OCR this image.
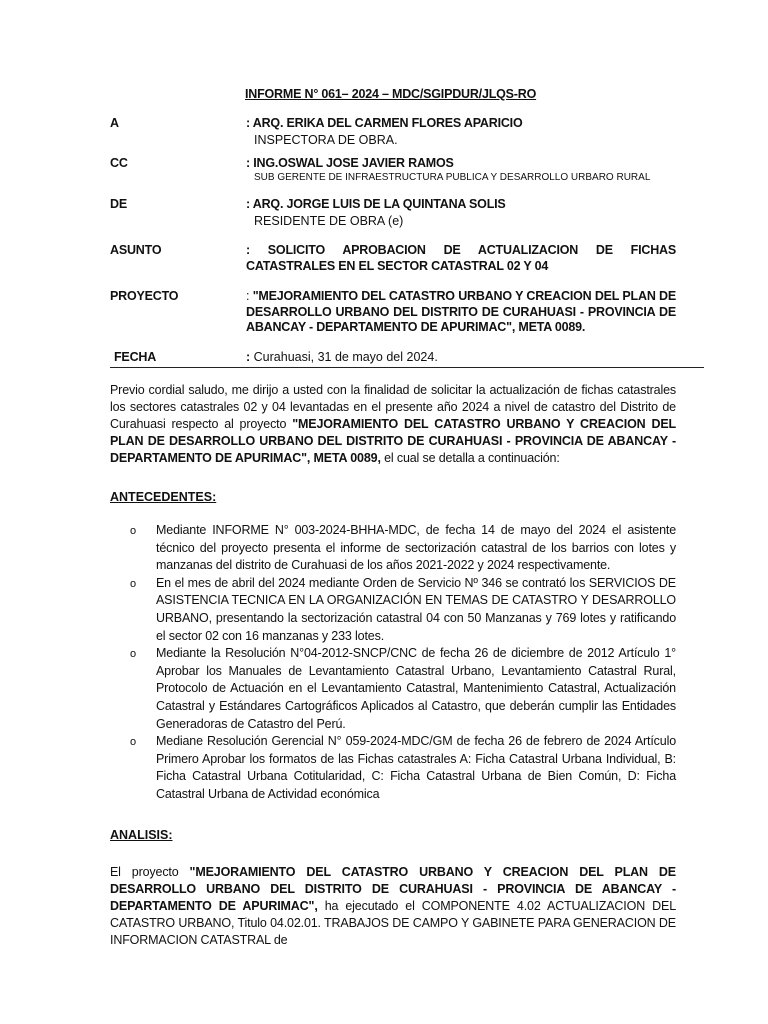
INFORME N° 061– 2024 – MDC/SGIPDUR/JLQS-RO
A	: ARQ. ERIKA DEL CARMEN FLORES APARICIO
INSPECTORA DE OBRA.
CC	: ING.OSWAL JOSE JAVIER RAMOS
SUB GERENTE DE INFRAESTRUCTURA PUBLICA Y DESARROLLO URBARO RURAL
DE	: ARQ. JORGE LUIS DE LA QUINTANA SOLIS
RESIDENTE DE OBRA (e)
ASUNTO	: SOLICITO APROBACION DE ACTUALIZACION DE FICHAS CATASTRALES EN EL SECTOR CATASTRAL 02 Y 04
PROYECTO	: "MEJORAMIENTO DEL CATASTRO URBANO Y CREACION DEL PLAN DE DESARROLLO URBANO DEL DISTRITO DE CURAHUASI - PROVINCIA DE ABANCAY - DEPARTAMENTO DE APURIMAC", META 0089.
FECHA	: Curahuasi, 31 de mayo del 2024.
Previo cordial saludo, me dirijo a usted con la finalidad de solicitar la actualización de fichas catastrales los sectores catastrales 02 y 04 levantadas en el presente año 2024 a nivel de catastro del Distrito de Curahuasi respecto al proyecto "MEJORAMIENTO DEL CATASTRO URBANO Y CREACION DEL PLAN DE DESARROLLO URBANO DEL DISTRITO DE CURAHUASI - PROVINCIA DE ABANCAY - DEPARTAMENTO DE APURIMAC", META 0089, el cual se detalla a continuación:
ANTECEDENTES:
o Mediante INFORME N° 003-2024-BHHA-MDC, de fecha 14 de mayo del 2024 el asistente técnico del proyecto presenta el informe de sectorización catastral de los barrios con lotes y manzanas del distrito de Curahuasi de los años 2021-2022 y 2024 respectivamente.
o En el mes de abril del 2024 mediante Orden de Servicio Nº 346 se contrató los SERVICIOS DE ASISTENCIA TECNICA EN LA ORGANIZACIÓN EN TEMAS DE CATASTRO Y DESARROLLO URBANO, presentando la sectorización catastral 04 con 50 Manzanas y 769 lotes y ratificando el sector 02 con 16 manzanas y 233 lotes.
o Mediante la Resolución N°04-2012-SNCP/CNC de fecha 26 de diciembre de 2012 Artículo 1° Aprobar los Manuales de Levantamiento Catastral Urbano, Levantamiento Catastral Rural, Protocolo de Actuación en el Levantamiento Catastral, Mantenimiento Catastral, Actualización Catastral y Estándares Cartográficos Aplicados al Catastro, que deberán cumplir las Entidades Generadoras de Catastro del Perú.
o Mediane Resolución Gerencial N° 059-2024-MDC/GM de fecha 26 de febrero de 2024 Artículo Primero Aprobar los formatos de las Fichas catastrales A: Ficha Catastral Urbana Individual, B: Ficha Catastral Urbana Cotitularidad, C: Ficha Catastral Urbana de Bien Común, D: Ficha Catastral Urbana de Actividad económica
ANALISIS:
El proyecto "MEJORAMIENTO DEL CATASTRO URBANO Y CREACION DEL PLAN DE DESARROLLO URBANO DEL DISTRITO DE CURAHUASI - PROVINCIA DE ABANCAY - DEPARTAMENTO DE APURIMAC", ha ejecutado el COMPONENTE 4.02 ACTUALIZACION DEL CATASTRO URBANO, Titulo 04.02.01. TRABAJOS DE CAMPO Y GABINETE PARA GENERACION DE INFORMACION CATASTRAL de
